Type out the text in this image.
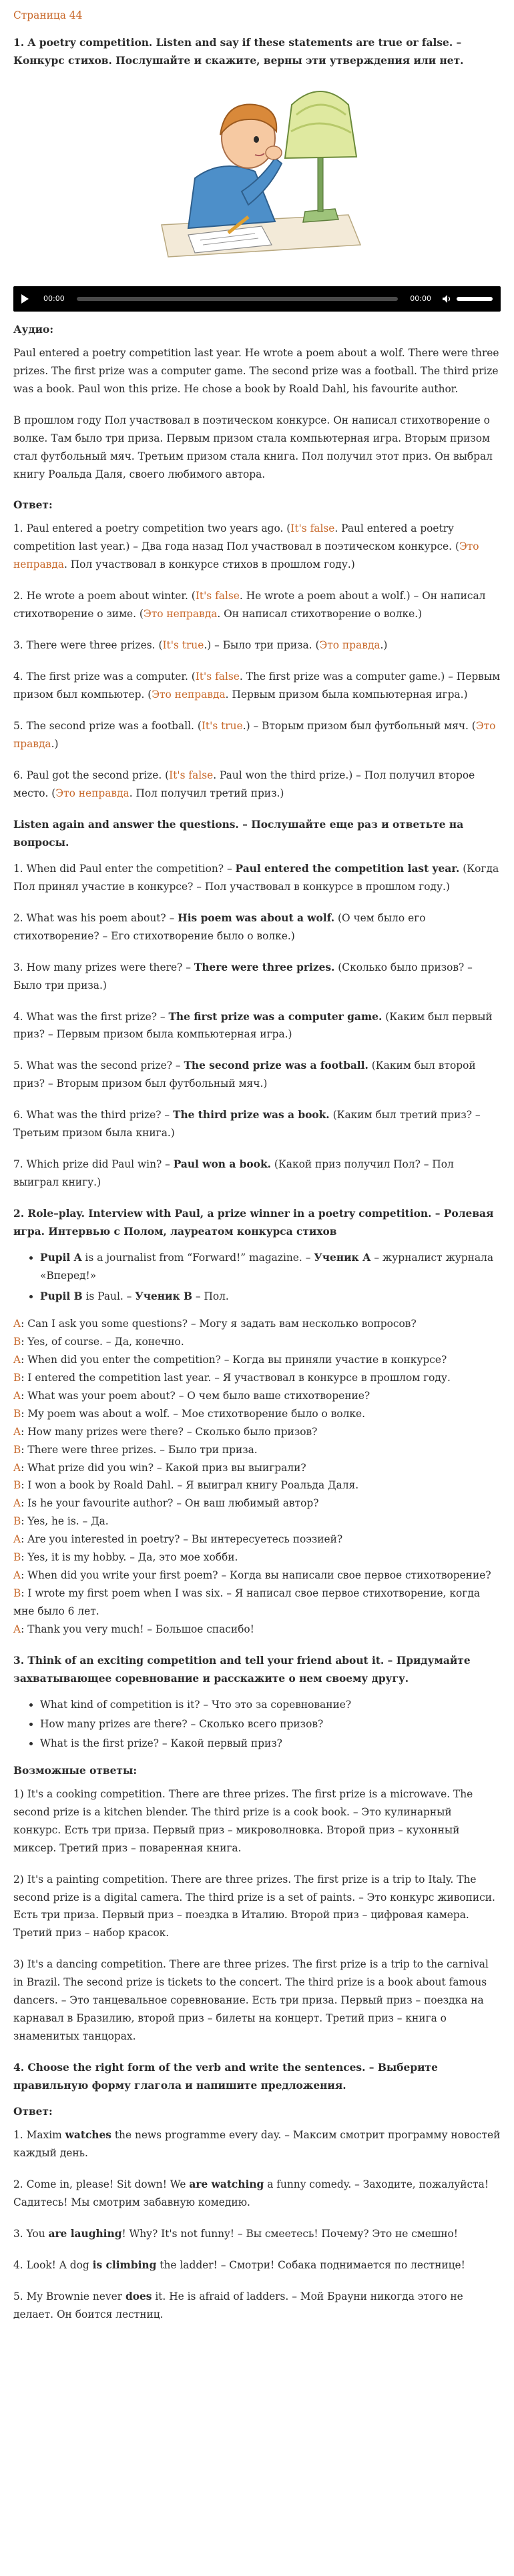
Страница 44
1. A poetry competition. Listen and say if these statements are true or false. – Конкурс стихов. Послушайте и скажите, верны эти утверждения или нет.
00:00	00:00
Аудио:

Paul entered a poetry competition last year. He wrote a poem about a wolf. There were three prizes. The first prize was a computer game. The second prize was a football. The third prize was a book. Paul won this prize. He chose a book by Roald Dahl, his favourite author.

В прошлом году Пол участвовал в поэтическом конкурсе. Он написал стихотворение о волке. Там было три приза. Первым призом стала компьютерная игра. Вторым призом стал футбольный мяч. Третьим призом стала книга. Пол получил этот приз. Он выбрал книгу Роальда Даля, своего любимого автора.

Ответ:

1. Paul entered a poetry competition two years ago. (It's false. Paul entered a poetry competition last year.) – Два года назад Пол участвовал в поэтическом конкурсе. (Это неправда. Пол участвовал в конкурсе стихов в прошлом году.)

2. He wrote a poem about winter. (It's false. He wrote a poem about a wolf.) – Он написал стихотворение о зиме. (Это неправда. Он написал стихотворение о волке.)

3. There were three prizes. (It's true.) – Было три приза. (Это правда.)

4. The first prize was a computer. (It's false. The first prize was a computer game.) – Первым призом был компьютер. (Это неправда. Первым призом была компьютерная игра.)

5. The second prize was a football. (It's true.) – Вторым призом был футбольный мяч. (Это правда.)

6. Paul got the second prize. (It's false. Paul won the third prize.) – Пол получил второе место. (Это неправда. Пол получил третий приз.)

Listen again and answer the questions. – Послушайте еще раз и ответьте на вопросы.

1. When did Paul enter the competition? – Paul entered the competition last year. (Когда Пол принял участие в конкурсе? – Пол участвовал в конкурсе в прошлом году.)

2. What was his poem about? – His poem was about a wolf. (О чем было его стихотворение? – Его стихотворение было о волке.)

3. How many prizes were there? – There were three prizes. (Сколько было призов? – Было три приза.)

4. What was the first prize? – The first prize was a computer game. (Каким был первый приз? – Первым призом была компьютерная игра.)

5. What was the second prize? – The second prize was a football. (Каким был второй приз? – Вторым призом был футбольный мяч.)

6. What was the third prize? – The third prize was a book. (Каким был третий приз? – Третьим призом была книга.)

7. Which prize did Paul win? – Paul won a book. (Какой приз получил Пол? – Пол выиграл книгу.)

2. Role–play. Interview with Paul, a prize winner in a poetry competition. – Ролевая игра. Интервью с Полом, лауреатом конкурса стихов
• Pupil A is a journalist from “Forward!” magazine. – Ученик А – журналист журнала «Вперед!»
• Pupil B is Paul. – Ученик В – Пол.

A: Can I ask you some questions? – Могу я задать вам несколько вопросов?

B: Yes, of course. – Да, конечно.

A: When did you enter the competition? – Когда вы приняли участие в конкурсе?

B: I entered the competition last year. – Я участвовал в конкурсе в прошлом году.

A: What was your poem about? – О чем было ваше стихотворение?

B: My poem was about a wolf. – Мое стихотворение было о волке.

A: How many prizes were there? – Сколько было призов?

B: There were three prizes. – Было три приза.

A: What prize did you win? – Какой приз вы выиграли?

B: I won a book by Roald Dahl. – Я выиграл книгу Роальда Даля.

A: Is he your favourite author? – Он ваш любимый автор?

B: Yes, he is. – Да.

A: Are you interested in poetry? – Вы интересуетесь поэзией?

B: Yes, it is my hobby. – Да, это мое хобби.

A: When did you write your first poem? – Когда вы написали свое первое стихотворение?

B: I wrote my first poem when I was six. – Я написал свое первое стихотворение, когда мне было 6 лет.

A: Thank you very much! – Большое спасибо!

3. Think of an exciting competition and tell your friend about it. – Придумайте захватывающее соревнование и расскажите о нем своему другу.
• What kind of competition is it? – Что это за соревнование?
• How many prizes are there? – Сколько всего призов?
• What is the first prize? – Какой первый приз?
Возможные ответы:

1) It's a cooking competition. There are three prizes. The first prize is a microwave. The second prize is a kitchen blender. The third prize is a cook book. – Это кулинарный конкурс. Есть три приза. Первый приз – микроволновка. Второй приз – кухонный миксер. Третий приз – поваренная книга.

2) It's a painting competition. There are three prizes. The first prize is a trip to Italy. The second prize is a digital camera. The third prize is a set of paints. – Это конкурс живописи. Есть три приза. Первый приз – поездка в Италию. Второй приз – цифровая камера. Третий приз – набор красок.

3) It's a dancing competition. There are three prizes. The first prize is a trip to the carnival in Brazil. The second prize is tickets to the concert. The third prize is a book about famous dancers. – Это танцевальное соревнование. Есть три приза. Первый приз – поездка на карнавал в Бразилию, второй приз – билеты на концерт. Третий приз – книга о знаменитых танцорах.

4. Choose the right form of the verb and write the sentences. – Выберите правильную форму глагола и напишите предложения.
Ответ:

1. Maxim watches the news programme every day. – Максим смотрит программу новостей каждый день.

2. Come in, please! Sit down! We are watching a funny comedy. – Заходите, пожалуйста! Садитесь! Мы смотрим забавную комедию.

3. You are laughing! Why? It's not funny! – Вы смеетесь! Почему? Это не смешно!

4. Look! A dog is climbing the ladder! – Смотри! Собака поднимается по лестнице!

5. My Brownie never does it. He is afraid of ladders. – Мой Брауни никогда этого не делает. Он боится лестниц.
